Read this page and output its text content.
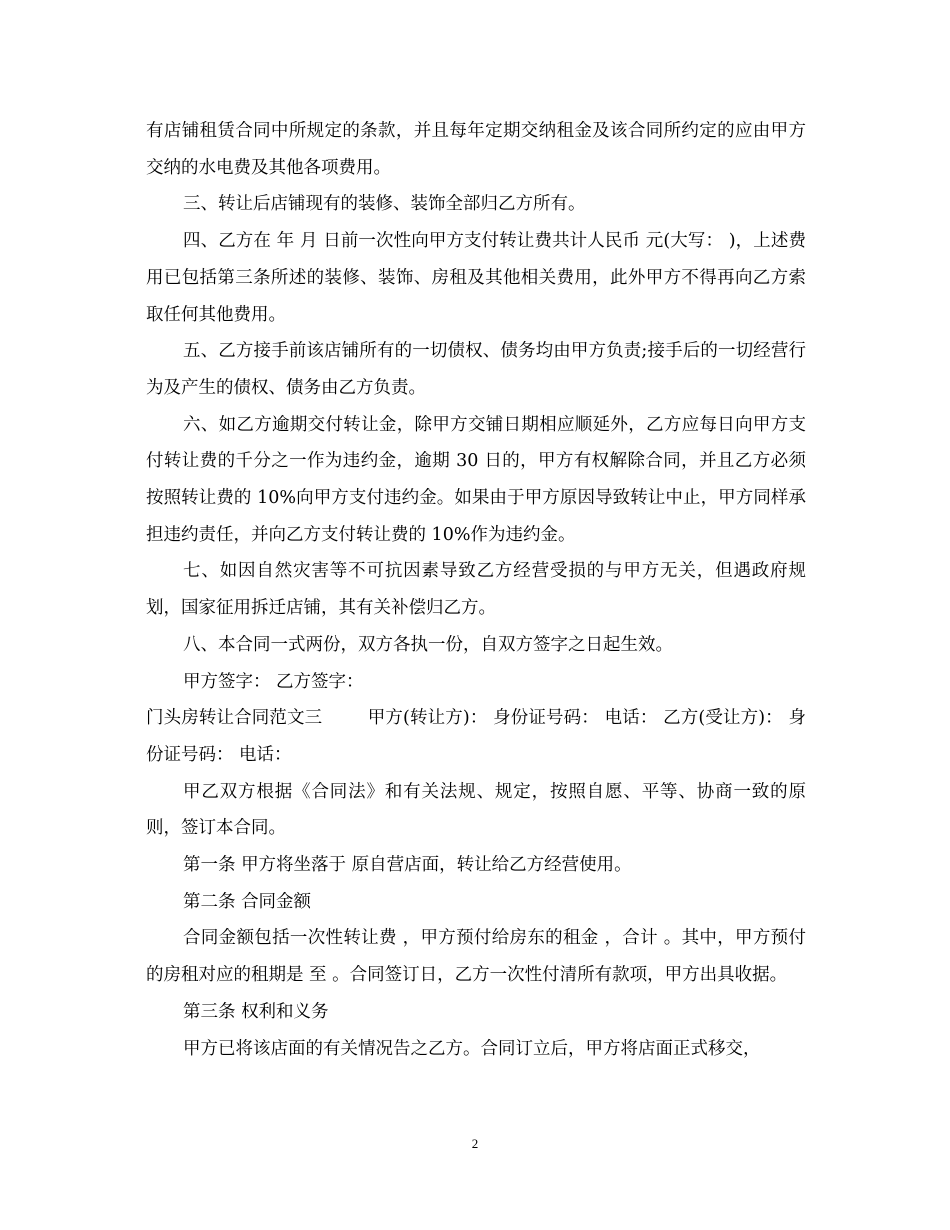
有店铺租赁合同中所规定的条款，并且每年定期交纳租金及该合同所约定的应由甲方交纳的水电费及其他各项费用。

三、转让后店铺现有的装修、装饰全部归乙方所有。

四、乙方在 年 月 日前一次性向甲方支付转让费共计人民币 元(大写： )，上述费用已包括第三条所述的装修、装饰、房租及其他相关费用，此外甲方不得再向乙方索取任何其他费用。

五、乙方接手前该店铺所有的一切债权、债务均由甲方负责;接手后的一切经营行为及产生的债权、债务由乙方负责。

六、如乙方逾期交付转让金，除甲方交铺日期相应顺延外，乙方应每日向甲方支付转让费的千分之一作为违约金，逾期 30 日的，甲方有权解除合同，并且乙方必须按照转让费的 10%向甲方支付违约金。如果由于甲方原因导致转让中止，甲方同样承担违约责任，并向乙方支付转让费的 10%作为违约金。

七、如因自然灾害等不可抗因素导致乙方经营受损的与甲方无关，但遇政府规划，国家征用拆迁店铺，其有关补偿归乙方。

八、本合同一式两份，双方各执一份，自双方签字之日起生效。

甲方签字： 乙方签字：

门头房转让合同范文三        甲方(转让方)： 身份证号码： 电话： 乙方(受让方)： 身份证号码： 电话：

甲乙双方根据《合同法》和有关法规、规定，按照自愿、平等、协商一致的原则，签订本合同。

第一条 甲方将坐落于 原自营店面，转让给乙方经营使用。

第二条 合同金额

合同金额包括一次性转让费 ，甲方预付给房东的租金 ，合计 。其中，甲方预付的房租对应的租期是 至 。合同签订日，乙方一次性付清所有款项，甲方出具收据。

第三条 权利和义务

甲方已将该店面的有关情况告之乙方。合同订立后，甲方将店面正式移交，

2
